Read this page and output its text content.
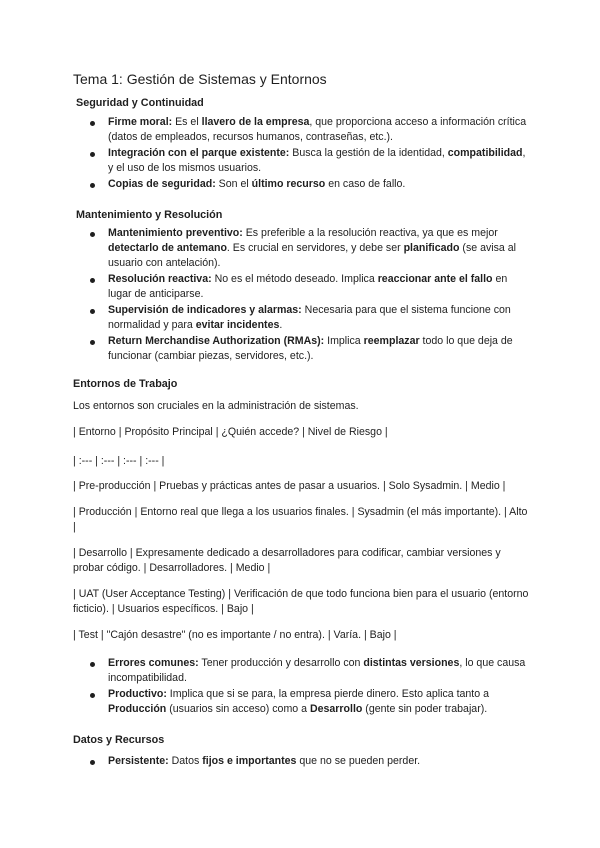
Tema 1: Gestión de Sistemas y Entornos
Seguridad y Continuidad
Firme moral: Es el llavero de la empresa, que proporciona acceso a información crítica (datos de empleados, recursos humanos, contraseñas, etc.).
Integración con el parque existente: Busca la gestión de la identidad, compatibilidad, y el uso de los mismos usuarios.
Copias de seguridad: Son el último recurso en caso de fallo.
Mantenimiento y Resolución
Mantenimiento preventivo: Es preferible a la resolución reactiva, ya que es mejor detectarlo de antemano. Es crucial en servidores, y debe ser planificado (se avisa al usuario con antelación).
Resolución reactiva: No es el método deseado. Implica reaccionar ante el fallo en lugar de anticiparse.
Supervisión de indicadores y alarmas: Necesaria para que el sistema funcione con normalidad y para evitar incidentes.
Return Merchandise Authorization (RMAs): Implica reemplazar todo lo que deja de funcionar (cambiar piezas, servidores, etc.).
Entornos de Trabajo
Los entornos son cruciales en la administración de sistemas.
| Entorno | Propósito Principal | ¿Quién accede? | Nivel de Riesgo |
| :--- | :--- | :--- | :--- |
| Pre-producción | Pruebas y prácticas antes de pasar a usuarios. | Solo Sysadmin. | Medio |
| Producción | Entorno real que llega a los usuarios finales. | Sysadmin (el más importante). | Alto |
| Desarrollo | Expresamente dedicado a desarrolladores para codificar, cambiar versiones y probar código. | Desarrolladores. | Medio |
| UAT (User Acceptance Testing) | Verificación de que todo funciona bien para el usuario (entorno ficticio). | Usuarios específicos. | Bajo |
| Test | "Cajón desastre" (no es importante / no entra). | Varía. | Bajo |
Errores comunes: Tener producción y desarrollo con distintas versiones, lo que causa incompatibilidad.
Productivo: Implica que si se para, la empresa pierde dinero. Esto aplica tanto a Producción (usuarios sin acceso) como a Desarrollo (gente sin poder trabajar).
Datos y Recursos
Persistente: Datos fijos e importantes que no se pueden perder.
